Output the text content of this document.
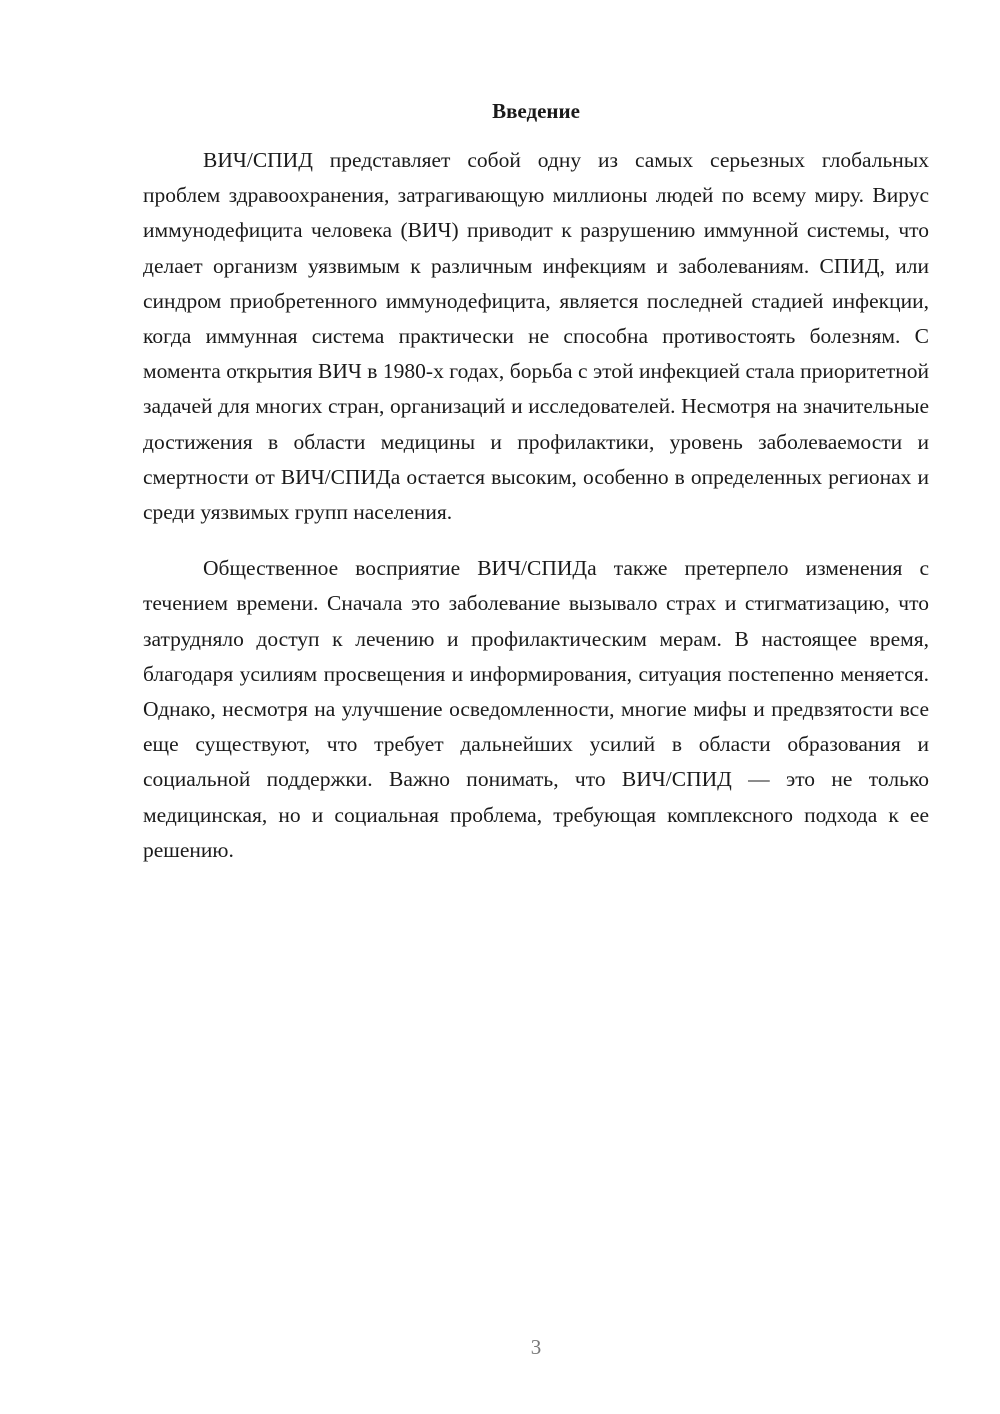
Введение

ВИЧ/СПИД представляет собой одну из самых серьезных глобальных проблем здравоохранения, затрагивающую миллионы людей по всему миру. Вирус иммунодефицита человека (ВИЧ) приводит к разрушению иммунной системы, что делает организм уязвимым к различным инфекциям и заболеваниям. СПИД, или синдром приобретенного иммунодефицита, является последней стадией инфекции, когда иммунная система практически не способна противостоять болезням. С момента открытия ВИЧ в 1980-х годах, борьба с этой инфекцией стала приоритетной задачей для многих стран, организаций и исследователей. Несмотря на значительные достижения в области медицины и профилактики, уровень заболеваемости и смертности от ВИЧ/СПИДа остается высоким, особенно в определенных регионах и среди уязвимых групп населения.

Общественное восприятие ВИЧ/СПИДа также претерпело изменения с течением времени. Сначала это заболевание вызывало страх и стигматизацию, что затрудняло доступ к лечению и профилактическим мерам. В настоящее время, благодаря усилиям просвещения и информирования, ситуация постепенно меняется. Однако, несмотря на улучшение осведомленности, многие мифы и предвзятости все еще существуют, что требует дальнейших усилий в области образования и социальной поддержки. Важно понимать, что ВИЧ/СПИД — это не только медицинская, но и социальная проблема, требующая комплексного подхода к ее решению.

3
